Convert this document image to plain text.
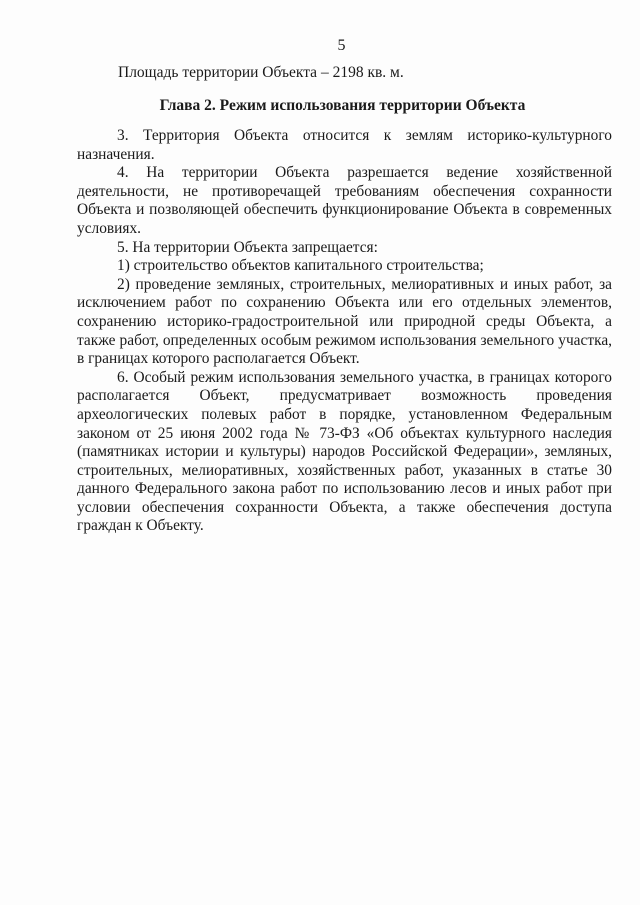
5
Площадь территории Объекта – 2198 кв. м.
Глава 2. Режим использования территории Объекта

3. Территория Объекта относится к землям историко-культурного назначения.

4. На территории Объекта разрешается ведение хозяйственной деятельности, не противоречащей требованиям обеспечения сохранности Объекта и позволяющей обеспечить функционирование Объекта в современных условиях.

5. На территории Объекта запрещается:

1) строительство объектов капитального строительства;

2) проведение земляных, строительных, мелиоративных и иных работ, за исключением работ по сохранению Объекта или его отдельных элементов, сохранению историко-градостроительной или природной среды Объекта, а также работ, определенных особым режимом использования земельного участка, в границах которого располагается Объект.

6. Особый режим использования земельного участка, в границах которого располагается Объект, предусматривает возможность проведения археологических полевых работ в порядке, установленном Федеральным законом от 25 июня 2002 года № 73-ФЗ «Об объектах культурного наследия (памятниках истории и культуры) народов Российской Федерации», земляных, строительных, мелиоративных, хозяйственных работ, указанных в статье 30 данного Федерального закона работ по использованию лесов и иных работ при условии обеспечения сохранности Объекта, а также обеспечения доступа граждан к Объекту.
